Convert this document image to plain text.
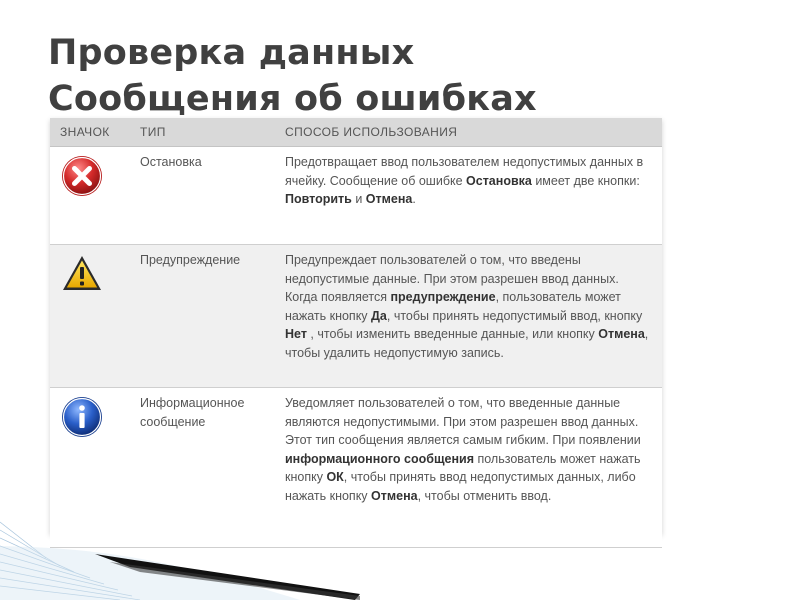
Проверка данных
Сообщения об ошибках
ЗНАЧОК	ТИП	СПОСОБ ИСПОЛЬЗОВАНИЯ

	Остановка	Предотвращает ввод пользователем недопустимых данных в ячейку. Сообщение об ошибке Остановка имеет две кнопки: Повторить и Отмена.

	Предупреждение	Предупреждает пользователей о том, что введены недопустимые данные. При этом разрешен ввод данных. Когда появляется предупреждение, пользователь может нажать кнопку Да, чтобы принять недопустимый ввод, кнопку Нет , чтобы изменить введенные данные, или кнопку Отмена, чтобы удалить недопустимую запись.

	Информационное сообщение	Уведомляет пользователей о том, что введенные данные являются недопустимыми. При этом разрешен ввод данных. Этот тип сообщения является самым гибким. При появлении информационного сообщения пользователь может нажать кнопку ОК, чтобы принять ввод недопустимых данных, либо нажать кнопку Отмена, чтобы отменить ввод.
